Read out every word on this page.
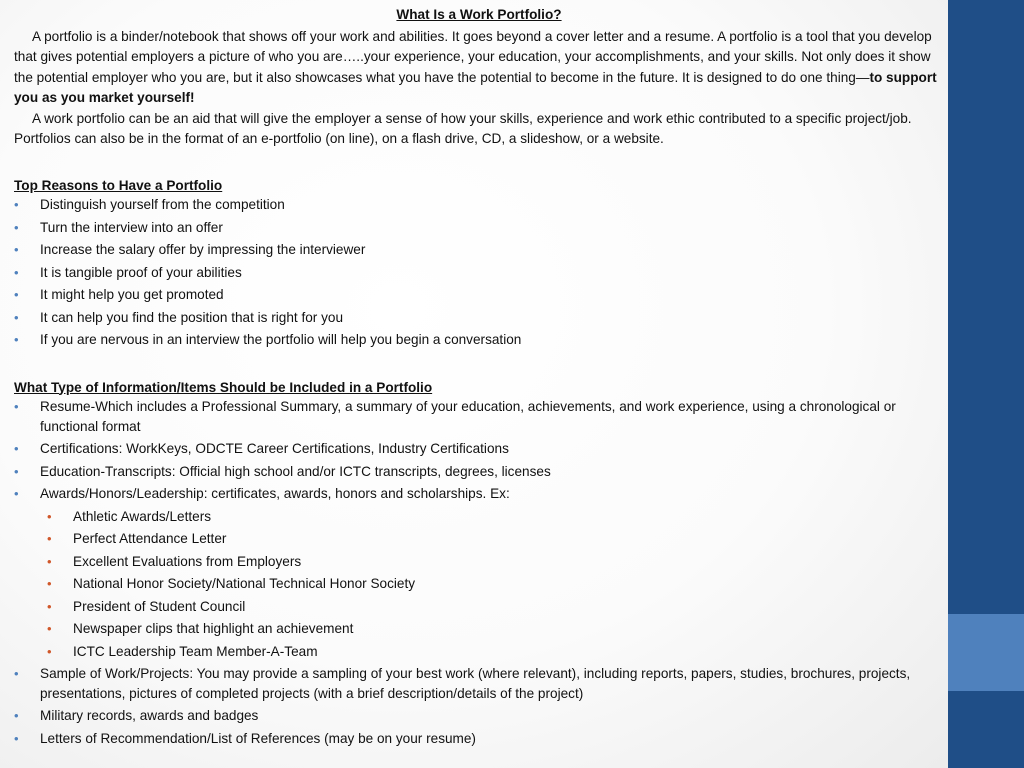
What Is a Work Portfolio?

A portfolio is a binder/notebook that shows off your work and abilities. It goes beyond a cover letter and a resume. A portfolio is a tool that you develop that gives potential employers a picture of who you are…..your experience, your education, your accomplishments, and your skills. Not only does it show the potential employer who you are, but it also showcases what you have the potential to become in the future. It is designed to do one thing—to support you as you market yourself!

A work portfolio can be an aid that will give the employer a sense of how your skills, experience and work ethic contributed to a specific project/job. Portfolios can also be in the format of an e-portfolio (on line), on a flash drive, CD, a slideshow, or a website.

Top Reasons to Have a Portfolio
• Distinguish yourself from the competition
• Turn the interview into an offer
• Increase the salary offer by impressing the interviewer
• It is tangible proof of your abilities
• It might help you get promoted
• It can help you find the position that is right for you
• If you are nervous in an interview the portfolio will help you begin a conversation
What Type of Information/Items Should be Included in a Portfolio
• Resume-Which includes a Professional Summary, a summary of your education, achievements, and work experience, using a chronological or functional format
• Certifications: WorkKeys, ODCTE Career Certifications, Industry Certifications
• Education-Transcripts: Official high school and/or ICTC transcripts, degrees, licenses
• Awards/Honors/Leadership: certificates, awards, honors and scholarships. Ex:
• Athletic Awards/Letters
• Perfect Attendance Letter
• Excellent Evaluations from Employers
• National Honor Society/National Technical Honor Society
• President of Student Council
• Newspaper clips that highlight an achievement
• ICTC Leadership Team Member-A-Team
• Sample of Work/Projects: You may provide a sampling of your best work (where relevant), including reports, papers, studies, brochures, projects, presentations, pictures of completed projects (with a brief description/details of the project)
• Military records, awards and badges
• Letters of Recommendation/List of References (may be on your resume)
